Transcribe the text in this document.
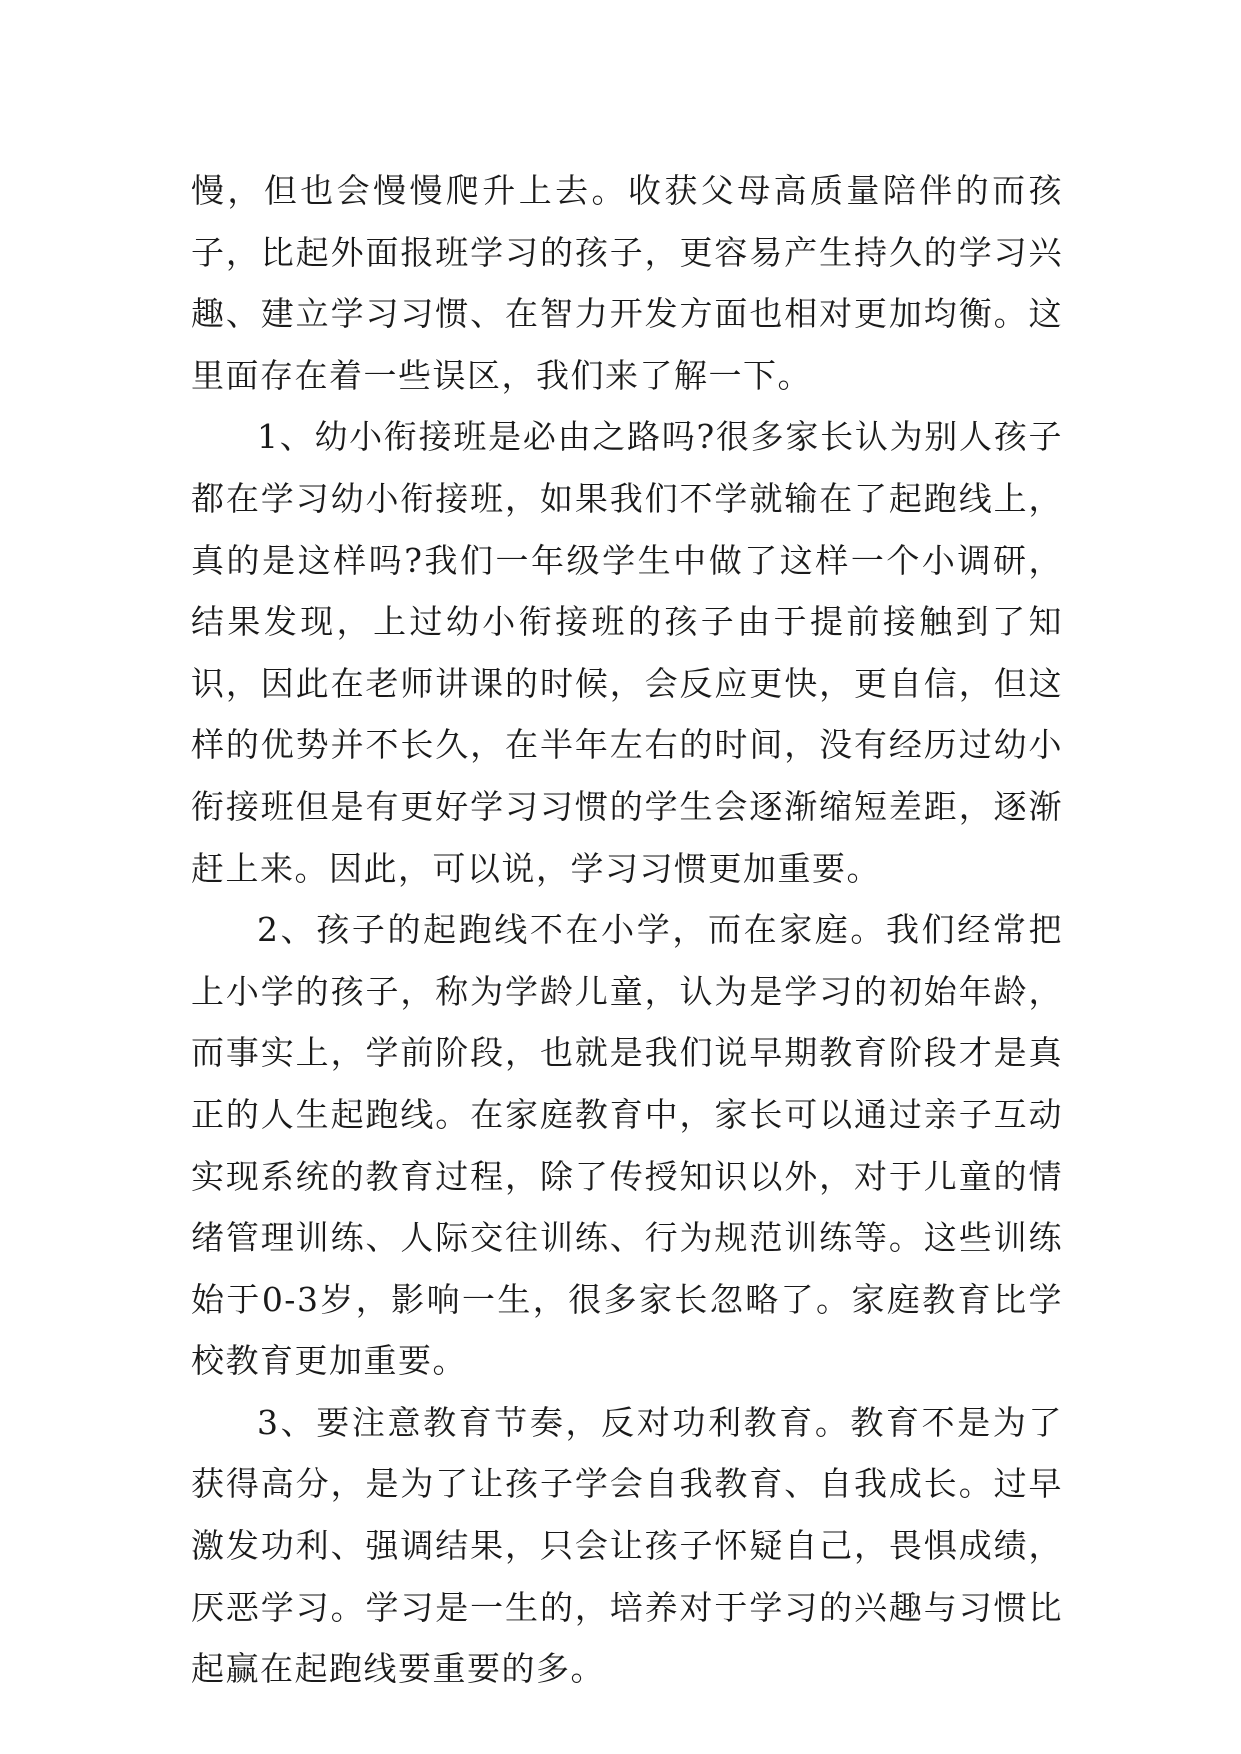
慢，但也会慢慢爬升上去。收获父母高质量陪伴的而孩子，比起外面报班学习的孩子，更容易产生持久的学习兴趣、建立学习习惯、在智力开发方面也相对更加均衡。这里面存在着一些误区，我们来了解一下。

1、幼小衔接班是必由之路吗?很多家长认为别人孩子都在学习幼小衔接班，如果我们不学就输在了起跑线上，真的是这样吗?我们一年级学生中做了这样一个小调研，结果发现，上过幼小衔接班的孩子由于提前接触到了知识，因此在老师讲课的时候，会反应更快，更自信，但这样的优势并不长久，在半年左右的时间，没有经历过幼小衔接班但是有更好学习习惯的学生会逐渐缩短差距，逐渐赶上来。因此，可以说，学习习惯更加重要。

2、孩子的起跑线不在小学，而在家庭。我们经常把上小学的孩子，称为学龄儿童，认为是学习的初始年龄，而事实上，学前阶段，也就是我们说早期教育阶段才是真正的人生起跑线。在家庭教育中，家长可以通过亲子互动实现系统的教育过程，除了传授知识以外，对于儿童的情绪管理训练、人际交往训练、行为规范训练等。这些训练始于0-3岁，影响一生，很多家长忽略了。家庭教育比学校教育更加重要。

3、要注意教育节奏，反对功利教育。教育不是为了获得高分，是为了让孩子学会自我教育、自我成长。过早激发功利、强调结果，只会让孩子怀疑自己，畏惧成绩，厌恶学习。学习是一生的，培养对于学习的兴趣与习惯比起赢在起跑线要重要的多。
